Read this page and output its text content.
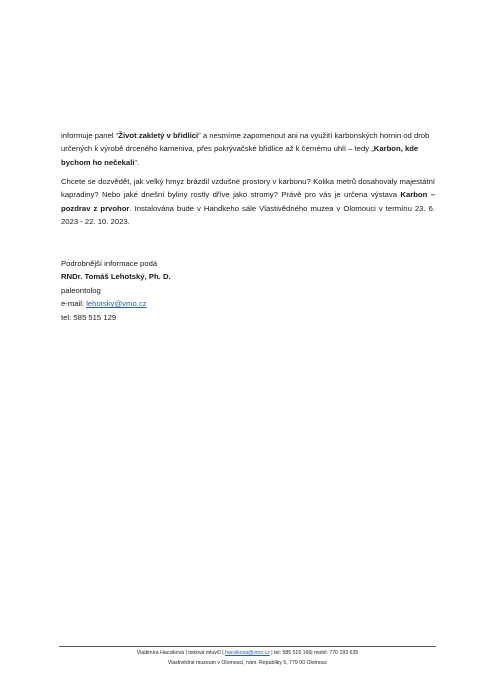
informuje panel “Život zakletý v břidlici” a nesmíme zapomenout ani na využití karbonských hornin od drob určených k výrobě drceného kameniva, přes pokrývačské břidlice až k černému uhlí – tedy „Karbon, kde bychom ho nečekali“.
Chcete se dozvědět, jak velký hmyz brázdil vzdušné prostory v karbonu? Kolika metrů dosahovaly majestátní kapradiny? Nebo jaké dnešní byliny rostly dříve jako stromy? Právě pro vás je určena výstava Karbon – pozdrav z prvohor. Instalována bude v Handkeho sále Vlastivědného muzea v Olomouci v termínu 23. 6. 2023 - 22. 10. 2023.
Podrobnější informace podá
RNDr. Tomáš Lehotský, Ph. D.
paleontolog
e-mail: lehotsky@vmo.cz
tel: 585 515 129
Vladimíra Hacsiková | tisková mluvčí | hacsikova@vmo.cz | tel: 585 515 166| mobil: 770 193 635
Vlastivědné muzeum v Olomouci, nám. Republiky 5, 779 00 Olomouc
